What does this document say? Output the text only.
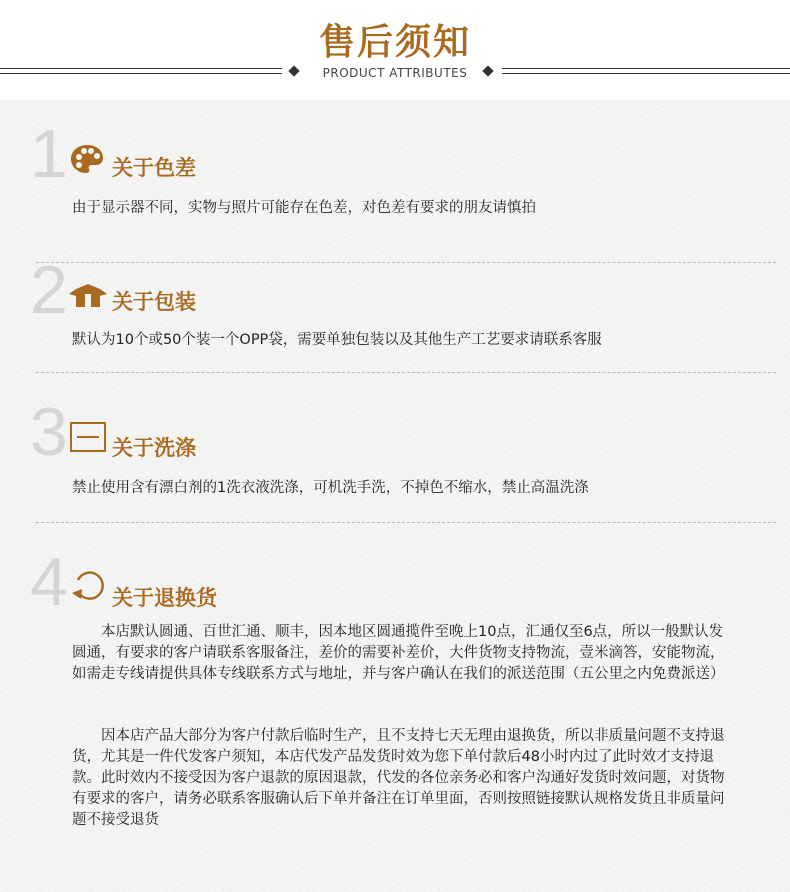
售后须知
PRODUCT ATTRIBUTES
1 关于色差
由于显示器不同，实物与照片可能存在色差，对色差有要求的朋友请慎拍
2 关于包装
默认为10个或50个装一个OPP袋，需要单独包装以及其他生产工艺要求请联系客服
3 关于洗涤
禁止使用含有漂白剂的1洗衣液洗涤，可机洗手洗，不掉色不缩水，禁止高温洗涤
4 关于退换货
本店默认圆通、百世汇通、顺丰，因本地区圆通揽件至晚上10点，汇通仅至6点，所以一般默认发圆通，有要求的客户请联系客服备注，差价的需要补差价，大件货物支持物流，壹米滴答，安能物流，如需走专线请提供具体专线联系方式与地址，并与客户确认在我们的派送范围（五公里之内免费派送）
因本店产品大部分为客户付款后临时生产，且不支持七天无理由退换货，所以非质量问题不支持退货，尤其是一件代发客户须知，本店代发产品发货时效为您下单付款后48小时内过了此时效才支持退款。此时效内不接受因为客户退款的原因退款，代发的各位亲务必和客户沟通好发货时效问题，对货物有要求的客户，请务必联系客服确认后下单并备注在订单里面，否则按照链接默认规格发货且非质量问题不接受退货
